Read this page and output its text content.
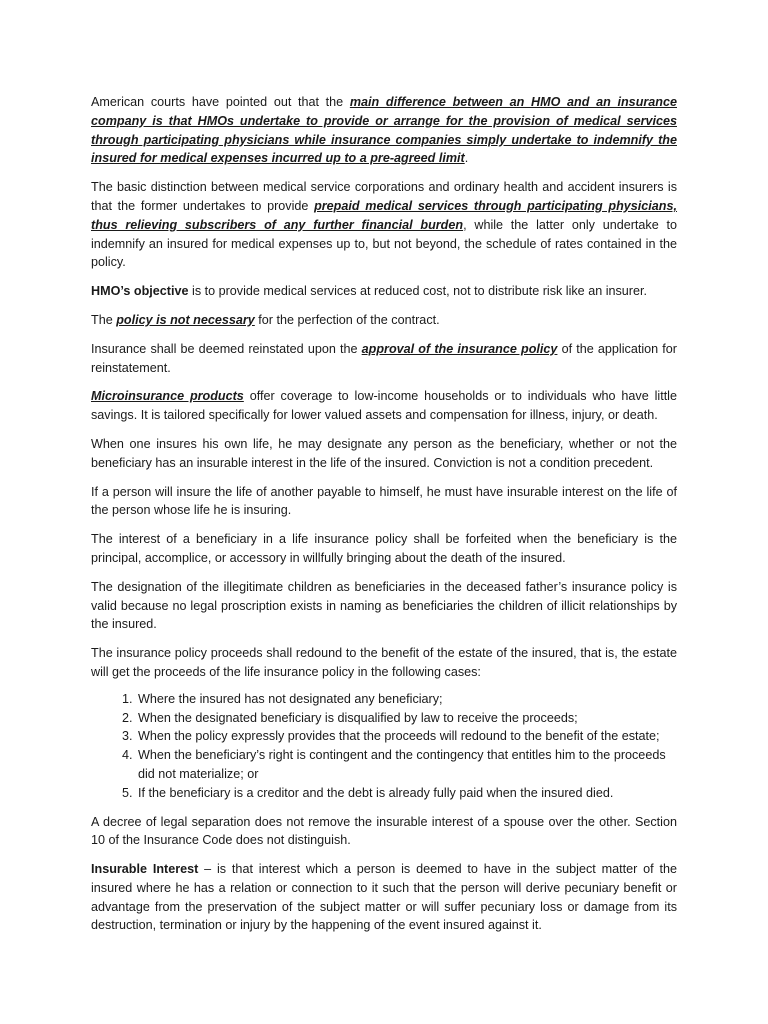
American courts have pointed out that the main difference between an HMO and an insurance company is that HMOs undertake to provide or arrange for the provision of medical services through participating physicians while insurance companies simply undertake to indemnify the insured for medical expenses incurred up to a pre-agreed limit.

The basic distinction between medical service corporations and ordinary health and accident insurers is that the former undertakes to provide prepaid medical services through participating physicians, thus relieving subscribers of any further financial burden, while the latter only undertake to indemnify an insured for medical expenses up to, but not beyond, the schedule of rates contained in the policy.

HMO’s objective is to provide medical services at reduced cost, not to distribute risk like an insurer.

The policy is not necessary for the perfection of the contract.

Insurance shall be deemed reinstated upon the approval of the insurance policy of the application for reinstatement.

Microinsurance products offer coverage to low-income households or to individuals who have little savings. It is tailored specifically for lower valued assets and compensation for illness, injury, or death.

When one insures his own life, he may designate any person as the beneficiary, whether or not the beneficiary has an insurable interest in the life of the insured. Conviction is not a condition precedent.

If a person will insure the life of another payable to himself, he must have insurable interest on the life of the person whose life he is insuring.

The interest of a beneficiary in a life insurance policy shall be forfeited when the beneficiary is the principal, accomplice, or accessory in willfully bringing about the death of the insured.

The designation of the illegitimate children as beneficiaries in the deceased father’s insurance policy is valid because no legal proscription exists in naming as beneficiaries the children of illicit relationships by the insured.

The insurance policy proceeds shall redound to the benefit of the estate of the insured, that is, the estate will get the proceeds of the life insurance policy in the following cases:

1. Where the insured has not designated any beneficiary;
2. When the designated beneficiary is disqualified by law to receive the proceeds;
3. When the policy expressly provides that the proceeds will redound to the benefit of the estate;
4. When the beneficiary’s right is contingent and the contingency that entitles him to the proceeds did not materialize; or
5. If the beneficiary is a creditor and the debt is already fully paid when the insured died.

A decree of legal separation does not remove the insurable interest of a spouse over the other. Section 10 of the Insurance Code does not distinguish.

Insurable Interest – is that interest which a person is deemed to have in the subject matter of the insured where he has a relation or connection to it such that the person will derive pecuniary benefit or advantage from the preservation of the subject matter or will suffer pecuniary loss or damage from its destruction, termination or injury by the happening of the event insured against it.
